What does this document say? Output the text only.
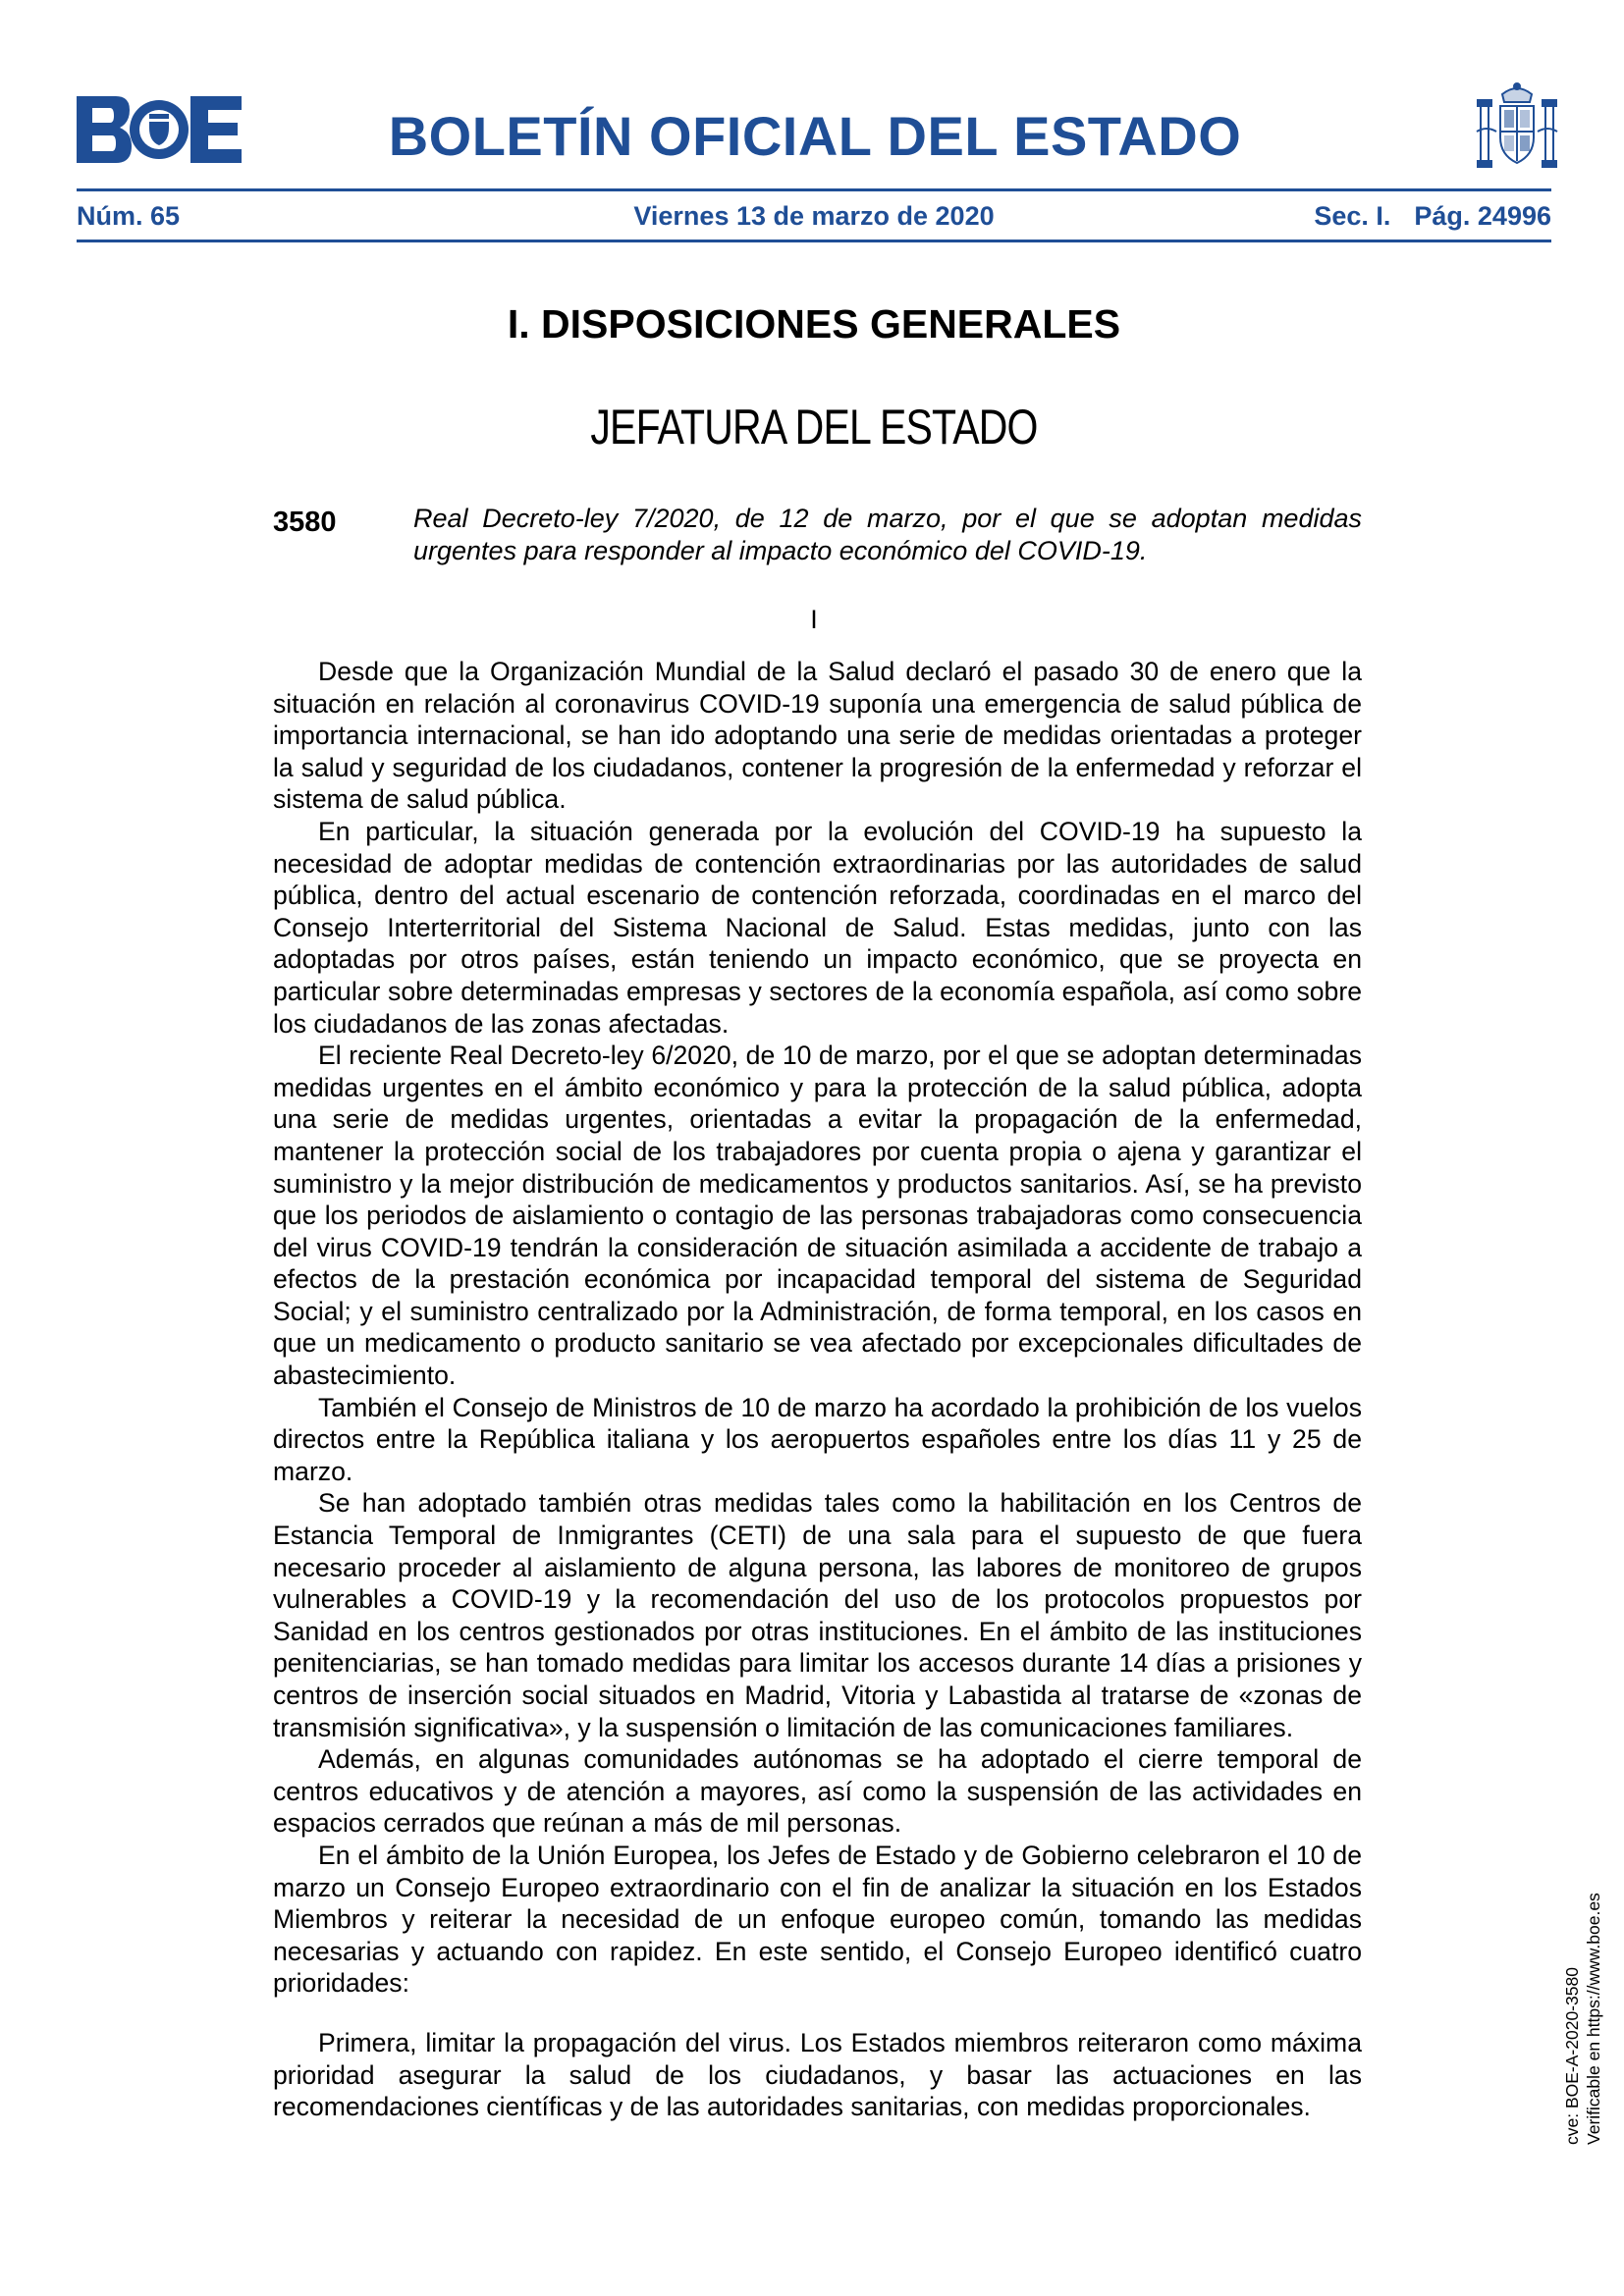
BOLETÍN OFICIAL DEL ESTADO
Núm. 65	Viernes 13 de marzo de 2020	Sec. I. Pág. 24996
I. DISPOSICIONES GENERALES
JEFATURA DEL ESTADO
3580	Real Decreto-ley 7/2020, de 12 de marzo, por el que se adoptan medidas urgentes para responder al impacto económico del COVID-19.
I

Desde que la Organización Mundial de la Salud declaró el pasado 30 de enero que la situación en relación al coronavirus COVID-19 suponía una emergencia de salud pública de importancia internacional, se han ido adoptando una serie de medidas orientadas a proteger la salud y seguridad de los ciudadanos, contener la progresión de la enfermedad y reforzar el sistema de salud pública.

En particular, la situación generada por la evolución del COVID-19 ha supuesto la necesidad de adoptar medidas de contención extraordinarias por las autoridades de salud pública, dentro del actual escenario de contención reforzada, coordinadas en el marco del Consejo Interterritorial del Sistema Nacional de Salud. Estas medidas, junto con las adoptadas por otros países, están teniendo un impacto económico, que se proyecta en particular sobre determinadas empresas y sectores de la economía española, así como sobre los ciudadanos de las zonas afectadas.

El reciente Real Decreto-ley 6/2020, de 10 de marzo, por el que se adoptan determinadas medidas urgentes en el ámbito económico y para la protección de la salud pública, adopta una serie de medidas urgentes, orientadas a evitar la propagación de la enfermedad, mantener la protección social de los trabajadores por cuenta propia o ajena y garantizar el suministro y la mejor distribución de medicamentos y productos sanitarios. Así, se ha previsto que los periodos de aislamiento o contagio de las personas trabajadoras como consecuencia del virus COVID-19 tendrán la consideración de situación asimilada a accidente de trabajo a efectos de la prestación económica por incapacidad temporal del sistema de Seguridad Social; y el suministro centralizado por la Administración, de forma temporal, en los casos en que un medicamento o producto sanitario se vea afectado por excepcionales dificultades de abastecimiento.

También el Consejo de Ministros de 10 de marzo ha acordado la prohibición de los vuelos directos entre la República italiana y los aeropuertos españoles entre los días 11 y 25 de marzo.

Se han adoptado también otras medidas tales como la habilitación en los Centros de Estancia Temporal de Inmigrantes (CETI) de una sala para el supuesto de que fuera necesario proceder al aislamiento de alguna persona, las labores de monitoreo de grupos vulnerables a COVID-19 y la recomendación del uso de los protocolos propuestos por Sanidad en los centros gestionados por otras instituciones. En el ámbito de las instituciones penitenciarias, se han tomado medidas para limitar los accesos durante 14 días a prisiones y centros de inserción social situados en Madrid, Vitoria y Labastida al tratarse de «zonas de transmisión significativa», y la suspensión o limitación de las comunicaciones familiares.

Además, en algunas comunidades autónomas se ha adoptado el cierre temporal de centros educativos y de atención a mayores, así como la suspensión de las actividades en espacios cerrados que reúnan a más de mil personas.

En el ámbito de la Unión Europea, los Jefes de Estado y de Gobierno celebraron el 10 de marzo un Consejo Europeo extraordinario con el fin de analizar la situación en los Estados Miembros y reiterar la necesidad de un enfoque europeo común, tomando las medidas necesarias y actuando con rapidez. En este sentido, el Consejo Europeo identificó cuatro prioridades:

Primera, limitar la propagación del virus. Los Estados miembros reiteraron como máxima prioridad asegurar la salud de los ciudadanos, y basar las actuaciones en las recomendaciones científicas y de las autoridades sanitarias, con medidas proporcionales.	cve: BOE-A-2020-3580 Verificable en https://www.boe.es
